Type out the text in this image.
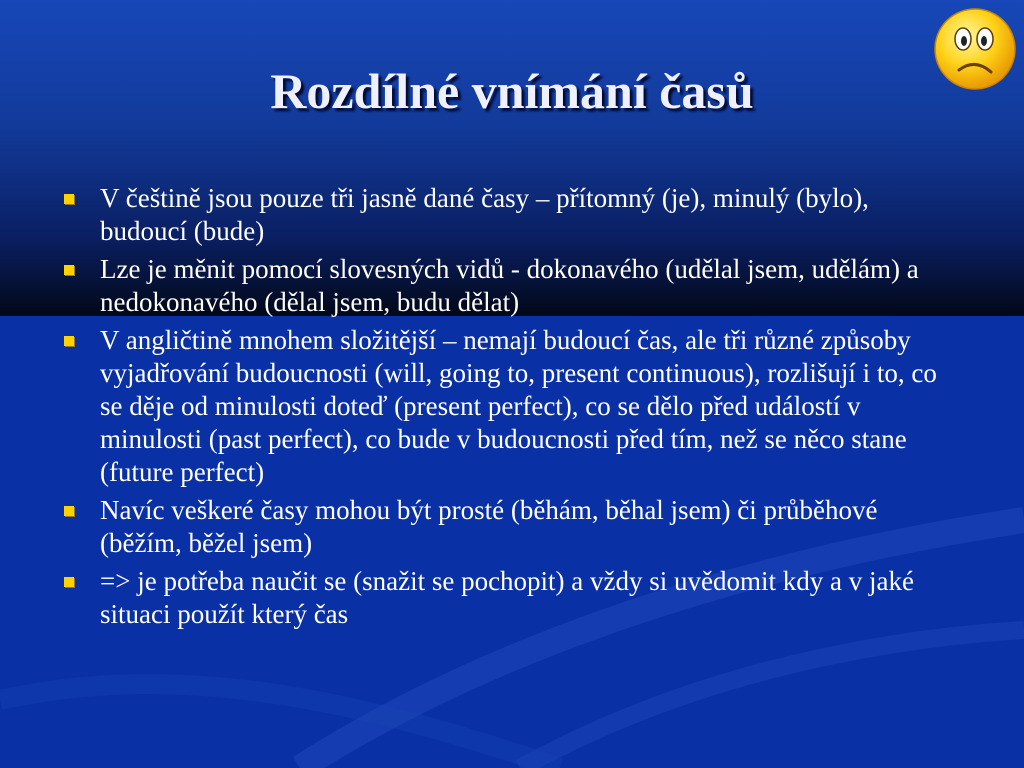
Rozdílné vnímání časů
V češtině jsou pouze tři jasně dané časy – přítomný (je), minulý (bylo), budoucí (bude)
Lze je měnit pomocí slovesných vidů - dokonavého (udělal jsem, udělám) a nedokonavého (dělal jsem, budu dělat)
V angličtině mnohem složitější – nemají budoucí čas, ale tři různé způsoby vyjadřování budoucnosti (will, going to, present continuous), rozlišují i to, co se děje od minulosti doteď (present perfect), co se dělo před událostí v minulosti (past perfect), co bude v budoucnosti před tím, než se něco stane (future perfect)
Navíc veškeré časy mohou být prosté (běhám, běhal jsem) či průběhové (běžím, běžel jsem)
=> je potřeba naučit se (snažit se pochopit) a vždy si uvědomit kdy a v jaké situaci použít který čas
